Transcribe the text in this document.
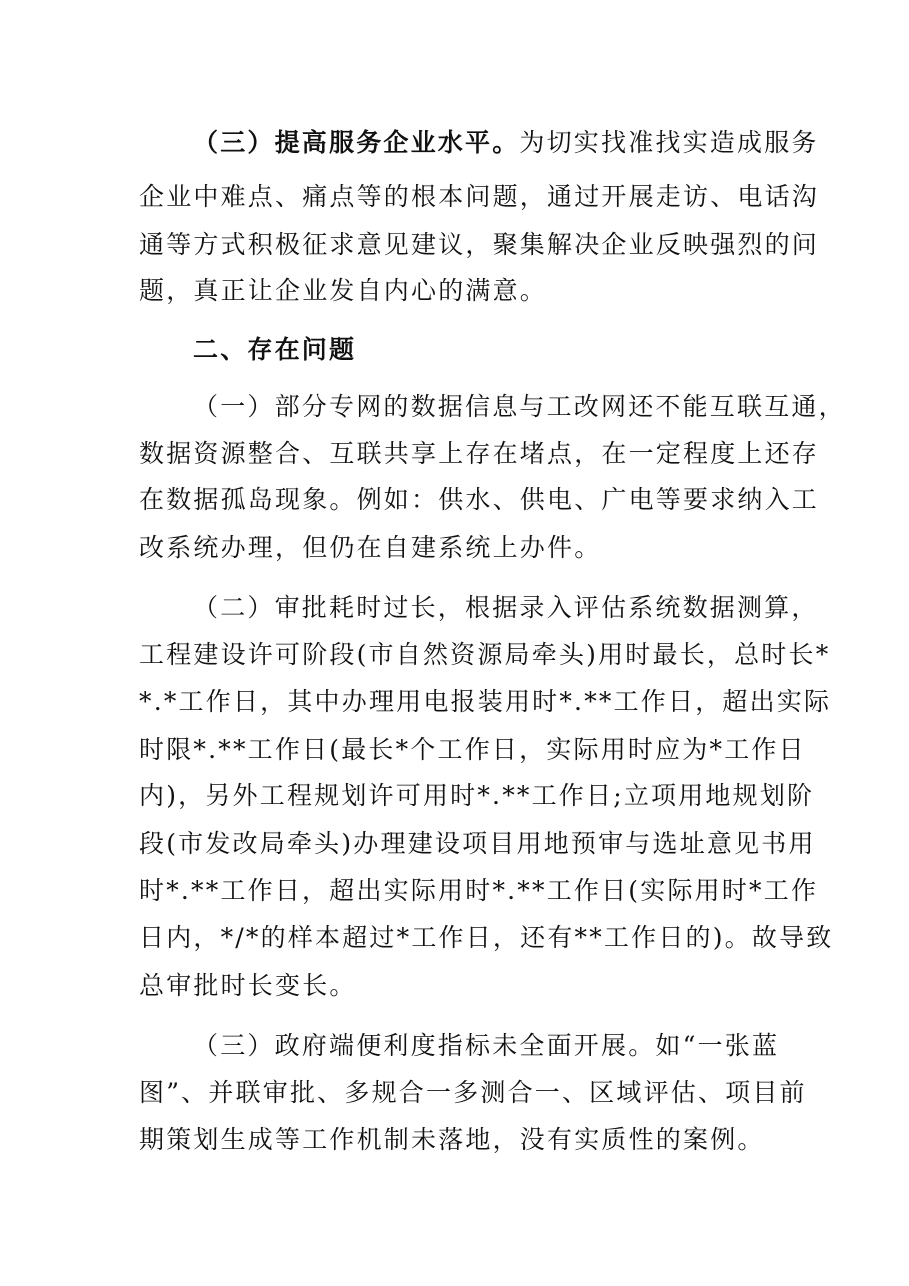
（三）提高服务企业水平。为切实找准找实造成服务
企业中难点、痛点等的根本问题，通过开展走访、电话沟
通等方式积极征求意见建议，聚集解决企业反映强烈的问
题，真正让企业发自内心的满意。
二、存在问题
（一）部分专网的数据信息与工改网还不能互联互通，
数据资源整合、互联共享上存在堵点，在一定程度上还存
在数据孤岛现象。例如：供水、供电、广电等要求纳入工
改系统办理，但仍在自建系统上办件。
（二）审批耗时过长，根据录入评估系统数据测算，
工程建设许可阶段(市自然资源局牵头)用时最长，总时长*
*.*工作日，其中办理用电报装用时*.**工作日，超出实际
时限*.**工作日(最长*个工作日，实际用时应为*工作日
内)，另外工程规划许可用时*.**工作日;立项用地规划阶
段(市发改局牵头)办理建设项目用地预审与选址意见书用
时*.**工作日，超出实际用时*.**工作日(实际用时*工作
日内，*/*的样本超过*工作日，还有**工作日的)。故导致
总审批时长变长。
（三）政府端便利度指标未全面开展。如“一张蓝
图”、并联审批、多规合一多测合一、区域评估、项目前
期策划生成等工作机制未落地，没有实质性的案例。
